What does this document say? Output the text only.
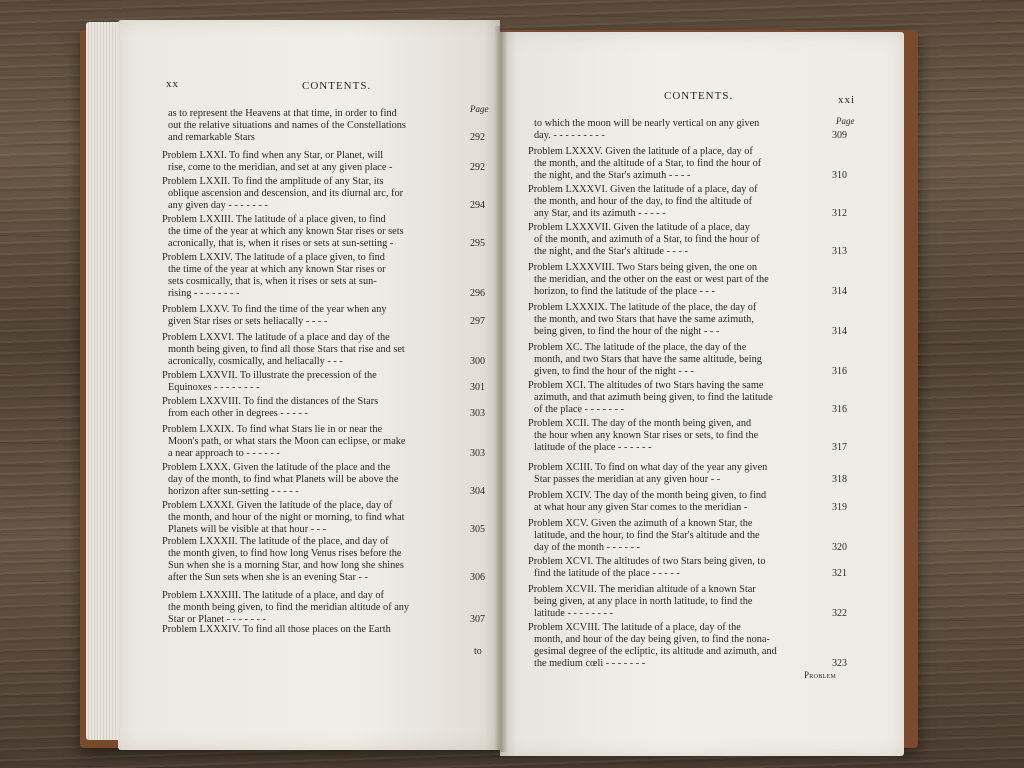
xx	CONTENTS.
Page
to
as to represent the Heavens at that time, in order to find
out the relative situations and names of the Constellations
and remarkable Stars	292
Problem LXXI. To find when any Star, or Planet, will
rise, come to the meridian, and set at any given place -	292
Problem LXXII. To find the amplitude of any Star, its
oblique ascension and descension, and its diurnal arc, for
any given day - - - - - - -	294
Problem LXXIII. The latitude of a place given, to find
the time of the year at which any known Star rises or sets
acronically, that is, when it rises or sets at sun-setting -	295
Problem LXXIV. The latitude of a place given, to find
the time of the year at which any known Star rises or
sets cosmically, that is, when it rises or sets at sun-
rising - - - - - - - -	296
Problem LXXV. To find the time of the year when any
given Star rises or sets heliacally - - - -	297
Problem LXXVI. The latitude of a place and day of the
month being given, to find all those Stars that rise and set
acronically, cosmically, and heliacally - - -	300
Problem LXXVII. To illustrate the precession of the
Equinoxes - - - - - - - -	301
Problem LXXVIII. To find the distances of the Stars
from each other in degrees - - - - -	303
Problem LXXIX. To find what Stars lie in or near the
Moon's path, or what stars the Moon can eclipse, or make
a near approach to - - - - - -	303
Problem LXXX. Given the latitude of the place and the
day of the month, to find what Planets will be above the
horizon after sun-setting - - - - -	304
Problem LXXXI. Given the latitude of the place, day of
the month, and hour of the night or morning, to find what
Planets will be visible at that hour - - -	305
Problem LXXXII. The latitude of the place, and day of
the month given, to find how long Venus rises before the
Sun when she is a morning Star, and how long she shines
after the Sun sets when she is an evening Star - -	306
Problem LXXXIII. The latitude of a place, and day of
the month being given, to find the meridian altitude of any
Star or Planet - - - - - - -	307
Problem LXXXIV. To find all those places on the Earth
CONTENTS.	xxi
Page
Problem
to which the moon will be nearly vertical on any given
day. - - - - - - - - -	309
Problem LXXXV. Given the latitude of a place, day of
the month, and the altitude of a Star, to find the hour of
the night, and the Star's azimuth - - - -	310
Problem LXXXVI. Given the latitude of a place, day of
the month, and hour of the day, to find the altitude of
any Star, and its azimuth - - - - -	312
Problem LXXXVII. Given the latitude of a place, day
of the month, and azimuth of a Star, to find the hour of
the night, and the Star's altitude - - - -	313
Problem LXXXVIII. Two Stars being given, the one on
the meridian, and the other on the east or west part of the
horizon, to find the latitude of the place - - -	314
Problem LXXXIX. The latitude of the place, the day of
the month, and two Stars that have the same azimuth,
being given, to find the hour of the night - - -	314
Problem XC. The latitude of the place, the day of the
month, and two Stars that have the same altitude, being
given, to find the hour of the night - - -	316
Problem XCI. The altitudes of two Stars having the same
azimuth, and that azimuth being given, to find the latitude
of the place - - - - - - -	316
Problem XCII. The day of the month being given, and
the hour when any known Star rises or sets, to find the
latitude of the place - - - - - -	317
Problem XCIII. To find on what day of the year any given
Star passes the meridian at any given hour - -	318
Problem XCIV. The day of the month being given, to find
at what hour any given Star comes to the meridian -	319
Problem XCV. Given the azimuth of a known Star, the
latitude, and the hour, to find the Star's altitude and the
day of the month - - - - - -	320
Problem XCVI. The altitudes of two Stars being given, to
find the latitude of the place - - - - -	321
Problem XCVII. The meridian altitude of a known Star
being given, at any place in north latitude, to find the
latitude - - - - - - - -	322
Problem XCVIII. The latitude of a place, day of the
month, and hour of the day being given, to find the nona-
gesimal degree of the ecliptic, its altitude and azimuth, and
the medium cœli - - - - - - -	323
